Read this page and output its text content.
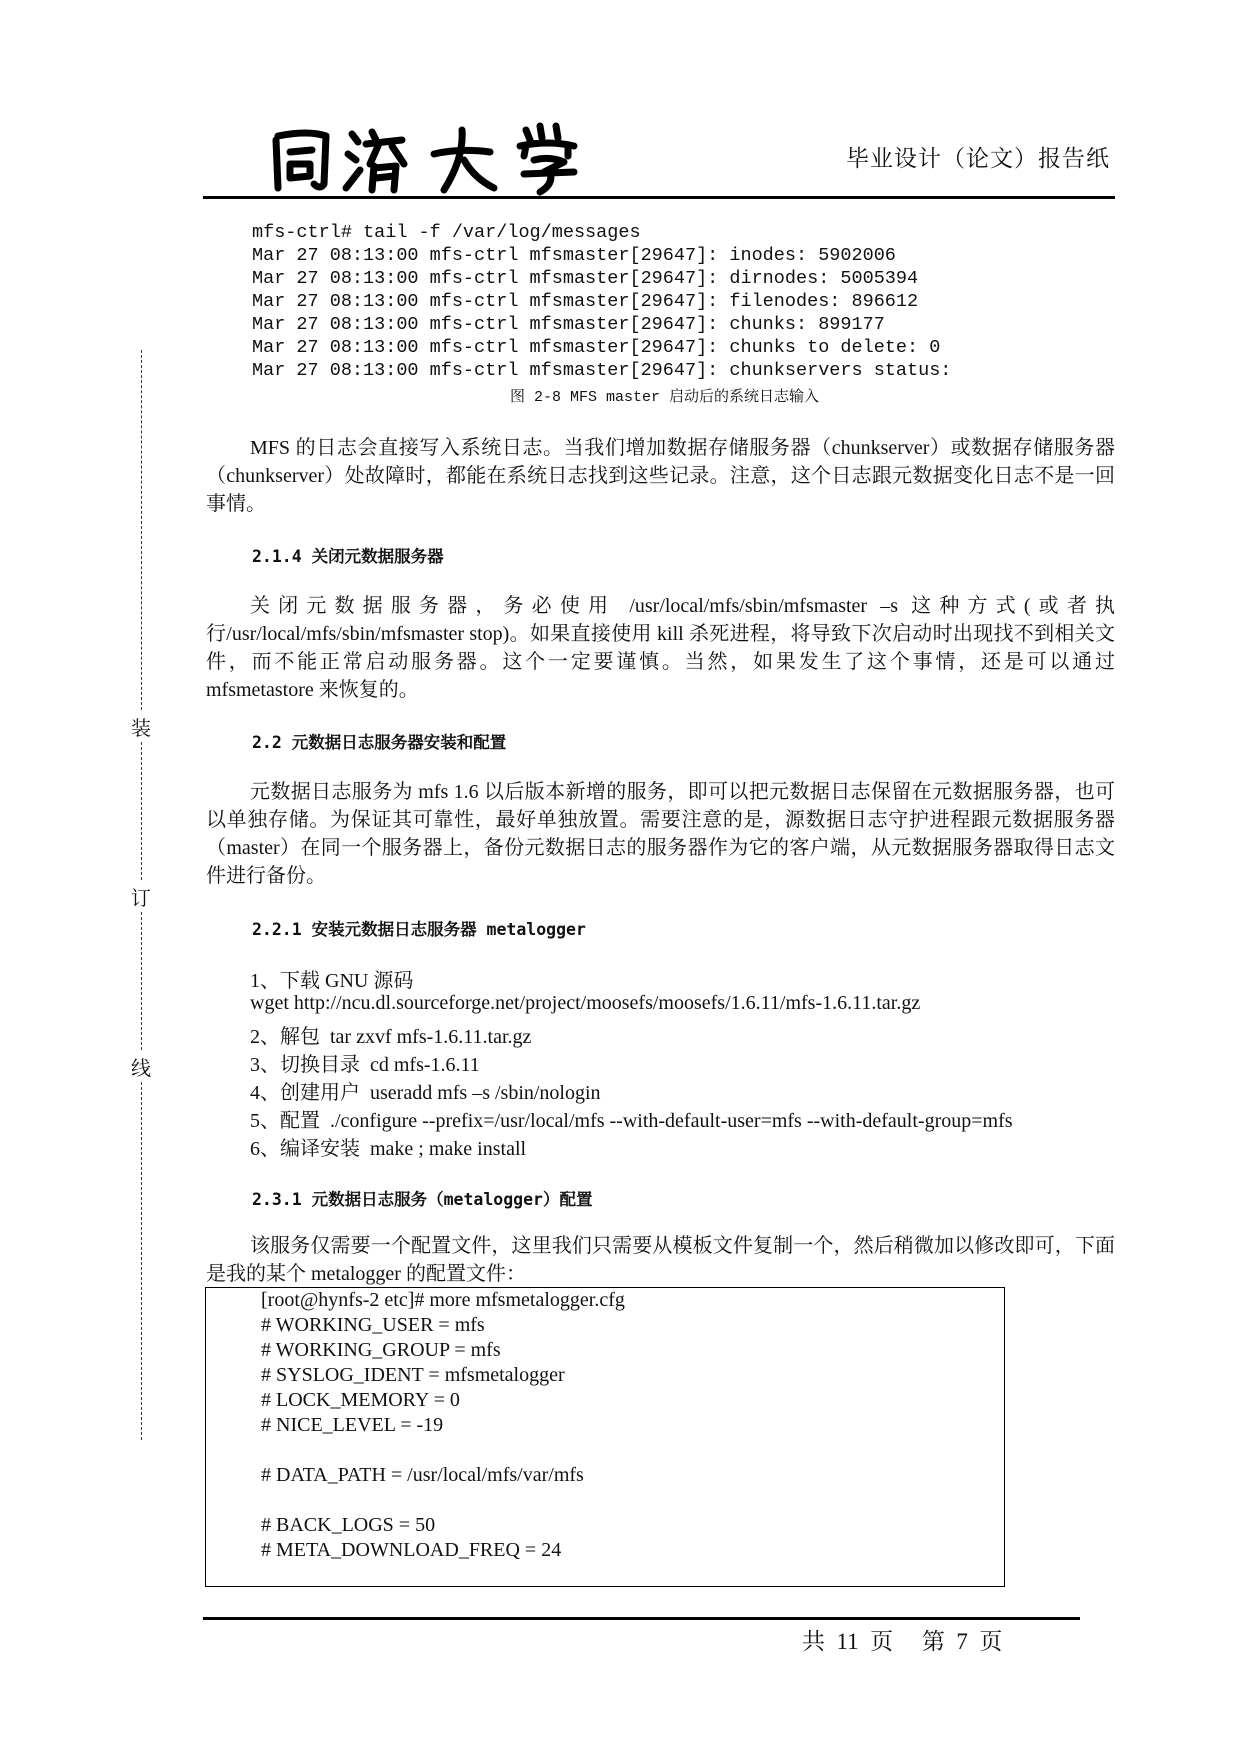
毕业设计（论文）报告纸
装
订
线
mfs-ctrl# tail -f /var/log/messages
Mar 27 08:13:00 mfs-ctrl mfsmaster[29647]: inodes: 5902006
Mar 27 08:13:00 mfs-ctrl mfsmaster[29647]: dirnodes: 5005394
Mar 27 08:13:00 mfs-ctrl mfsmaster[29647]: filenodes: 896612
Mar 27 08:13:00 mfs-ctrl mfsmaster[29647]: chunks: 899177
Mar 27 08:13:00 mfs-ctrl mfsmaster[29647]: chunks to delete: 0
Mar 27 08:13:00 mfs-ctrl mfsmaster[29647]: chunkservers status:
图 2-8 MFS master 启动后的系统日志输入
MFS 的日志会直接写入系统日志。当我们增加数据存储服务器（chunkserver）或数据存储服务器（chunkserver）处故障时，都能在系统日志找到这些记录。注意，这个日志跟元数据变化日志不是一回事情。
2.1.4 关闭元数据服务器
关闭元数据服务器，务必使用 /usr/local/mfs/sbin/mfsmaster –s 这种方式(或者执行/usr/local/mfs/sbin/mfsmaster stop)。如果直接使用 kill 杀死进程，将导致下次启动时出现找不到相关文件，而不能正常启动服务器。这个一定要谨慎。当然，如果发生了这个事情，还是可以通过 mfsmetastore 来恢复的。
2.2 元数据日志服务器安装和配置
元数据日志服务为 mfs 1.6 以后版本新增的服务，即可以把元数据日志保留在元数据服务器，也可以单独存储。为保证其可靠性，最好单独放置。需要注意的是，源数据日志守护进程跟元数据服务器（master）在同一个服务器上，备份元数据日志的服务器作为它的客户端，从元数据服务器取得日志文件进行备份。
2.2.1 安装元数据日志服务器 metalogger
1、下载 GNU 源码
wget http://ncu.dl.sourceforge.net/project/moosefs/moosefs/1.6.11/mfs-1.6.11.tar.gz
2、解包  tar zxvf mfs-1.6.11.tar.gz
3、切换目录  cd mfs-1.6.11
4、创建用户  useradd mfs –s /sbin/nologin
5、配置  ./configure --prefix=/usr/local/mfs --with-default-user=mfs --with-default-group=mfs
6、编译安装  make ; make install
2.3.1 元数据日志服务（metalogger）配置
该服务仅需要一个配置文件，这里我们只需要从模板文件复制一个，然后稍微加以修改即可，下面是我的某个 metalogger 的配置文件：
[root@hynfs-2 etc]# more mfsmetalogger.cfg
# WORKING_USER = mfs
# WORKING_GROUP = mfs
# SYSLOG_IDENT = mfsmetalogger
# LOCK_MEMORY = 0
# NICE_LEVEL = -19
# DATA_PATH = /usr/local/mfs/var/mfs
# BACK_LOGS = 50
# META_DOWNLOAD_FREQ = 24
共  11  页     第  7  页
